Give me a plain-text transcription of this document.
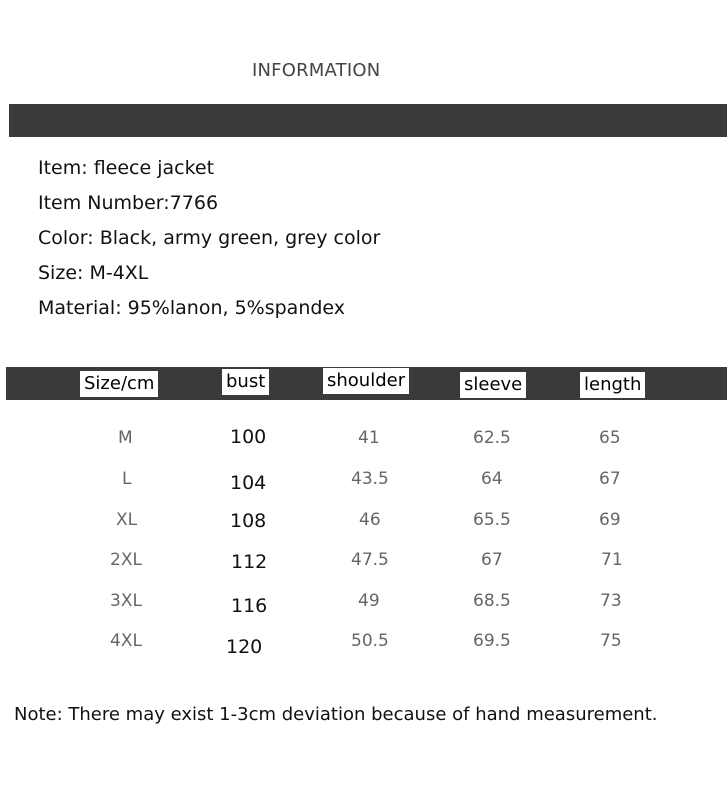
INFORMATION
Item: fleece jacket
Item Number:7766
Color: Black, army green, grey color
Size: M-4XL
Material: 95%lanon, 5%spandex
Size/cm	bust	shoulder	sleeve	length
M	100	41	62.5	65
L	104	43.5	64	67
XL	108	46	65.5	69
2XL	112	47.5	67	71
3XL	116	49	68.5	73
4XL	120	50.5	69.5	75
Note: There may exist 1-3cm deviation because of hand measurement.
